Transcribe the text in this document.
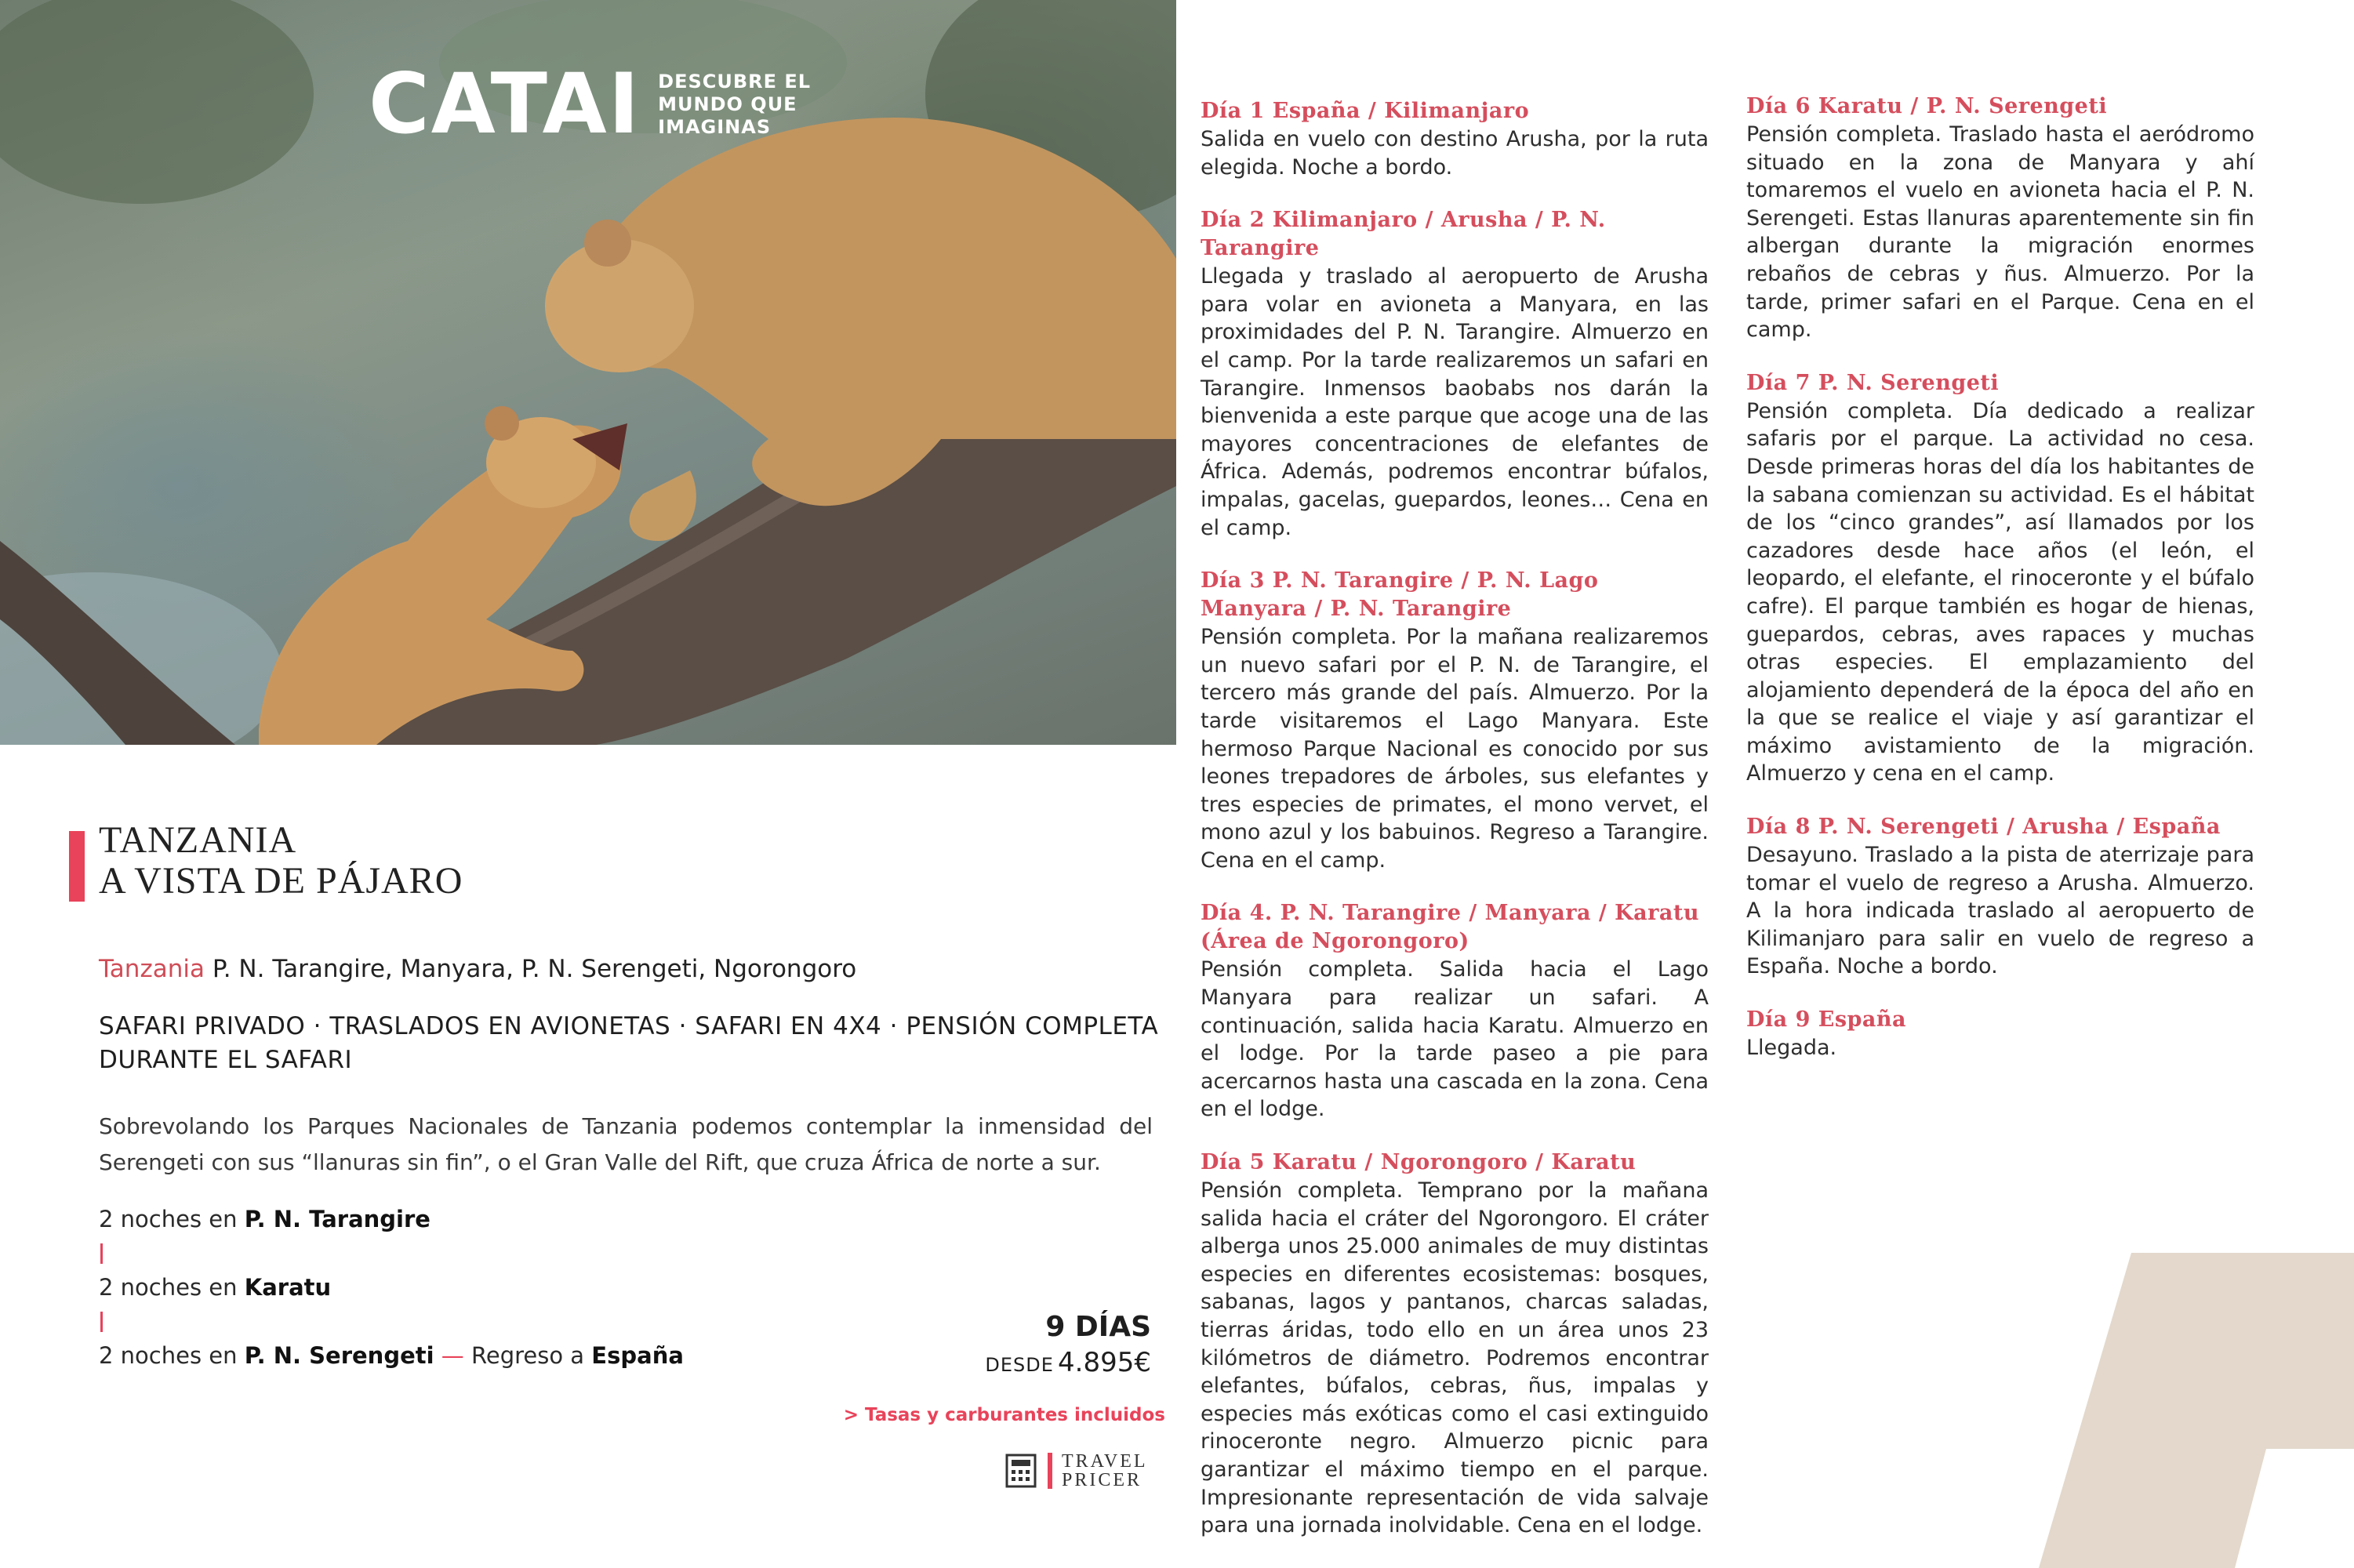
CATAI DESCUBRE EL
MUNDO QUE
IMAGINAS
TANZANIA
A VISTA DE PÁJARO
Tanzania P. N. Tarangire, Manyara, P. N. Serengeti, Ngorongoro
SAFARI PRIVADO · TRASLADOS EN AVIONETAS · SAFARI EN 4X4 · PENSIÓN COMPLETA DURANTE EL SAFARI
Sobrevolando los Parques Nacionales de Tanzania podemos contemplar la inmensidad del Serengeti con sus “llanuras sin fin”, o el Gran Valle del Rift, que cruza África de norte a sur.
2 noches en P. N. Tarangire
2 noches en Karatu
2 noches en P. N. Serengeti — Regreso a España
9 DÍAS
DESDE 4.895€
> Tasas y carburantes incluidos
TRAVEL
PRICER
Día 1 España / Kilimanjaro

Salida en vuelo con destino Arusha, por la ruta elegida. Noche a bordo.

Día 2 Kilimanjaro / Arusha / P. N. Tarangire

Llegada y traslado al aeropuerto de Arusha para volar en avioneta a Manyara, en las proximidades del P. N. Tarangire. Almuerzo en el camp. Por la tarde realizaremos un safari en Tarangire. Inmensos baobabs nos darán la bienvenida a este parque que acoge una de las mayores concentraciones de elefantes de África. Además, podremos encontrar búfalos, impalas, gacelas, guepardos, leones… Cena en el camp.

Día 3 P. N. Tarangire / P. N. Lago Manyara / P. N. Tarangire

Pensión completa. Por la mañana realizaremos un nuevo safari por el P. N. de Tarangire, el tercero más grande del país. Almuerzo. Por la tarde visitaremos el Lago Manyara. Este hermoso Parque Nacional es conocido por sus leones trepadores de árboles, sus elefantes y tres especies de primates, el mono vervet, el mono azul y los babuinos. Regreso a Tarangire. Cena en el camp.

Día 4. P. N. Tarangire / Manyara / Karatu (Área de Ngorongoro)

Pensión completa. Salida hacia el Lago Manyara para realizar un safari. A continuación, salida hacia Karatu. Almuerzo en el lodge. Por la tarde paseo a pie para acercarnos hasta una cascada en la zona. Cena en el lodge.

Día 5 Karatu / Ngorongoro / Karatu

Pensión completa. Temprano por la mañana salida hacia el cráter del Ngorongoro. El cráter alberga unos 25.000 animales de muy distintas especies en diferentes ecosistemas: bosques, sabanas, lagos y pantanos, charcas saladas, tierras áridas, todo ello en un área unos 23 kilómetros de diámetro. Podremos encontrar elefantes, búfalos, cebras, ñus, impalas y especies más exóticas como el casi extinguido rinoceronte negro. Almuerzo picnic para garantizar el máximo tiempo en el parque. Impresionante representación de vida salvaje para una jornada inolvidable. Cena en el lodge.

Día 6 Karatu / P. N. Serengeti

Pensión completa. Traslado hasta el aeródromo situado en la zona de Manyara y ahí tomaremos el vuelo en avioneta hacia el P. N. Serengeti. Estas llanuras aparentemente sin fin albergan durante la migración enormes rebaños de cebras y ñus. Almuerzo. Por la tarde, primer safari en el Parque. Cena en el camp.

Día 7 P. N. Serengeti

Pensión completa. Día dedicado a realizar safaris por el parque. La actividad no cesa. Desde primeras horas del día los habitantes de la sabana comienzan su actividad. Es el hábitat de los “cinco grandes”, así llamados por los cazadores desde hace años (el león, el leopardo, el elefante, el rinoceronte y el búfalo cafre). El parque también es hogar de hienas, guepardos, cebras, aves rapaces y muchas otras especies. El emplazamiento del alojamiento dependerá de la época del año en la que se realice el viaje y así garantizar el máximo avistamiento de la migración. Almuerzo y cena en el camp.

Día 8 P. N. Serengeti / Arusha / España

Desayuno. Traslado a la pista de aterrizaje para tomar el vuelo de regreso a Arusha. Almuerzo. A la hora indicada traslado al aeropuerto de Kilimanjaro para salir en vuelo de regreso a España. Noche a bordo.

Día 9 España

Llegada.
